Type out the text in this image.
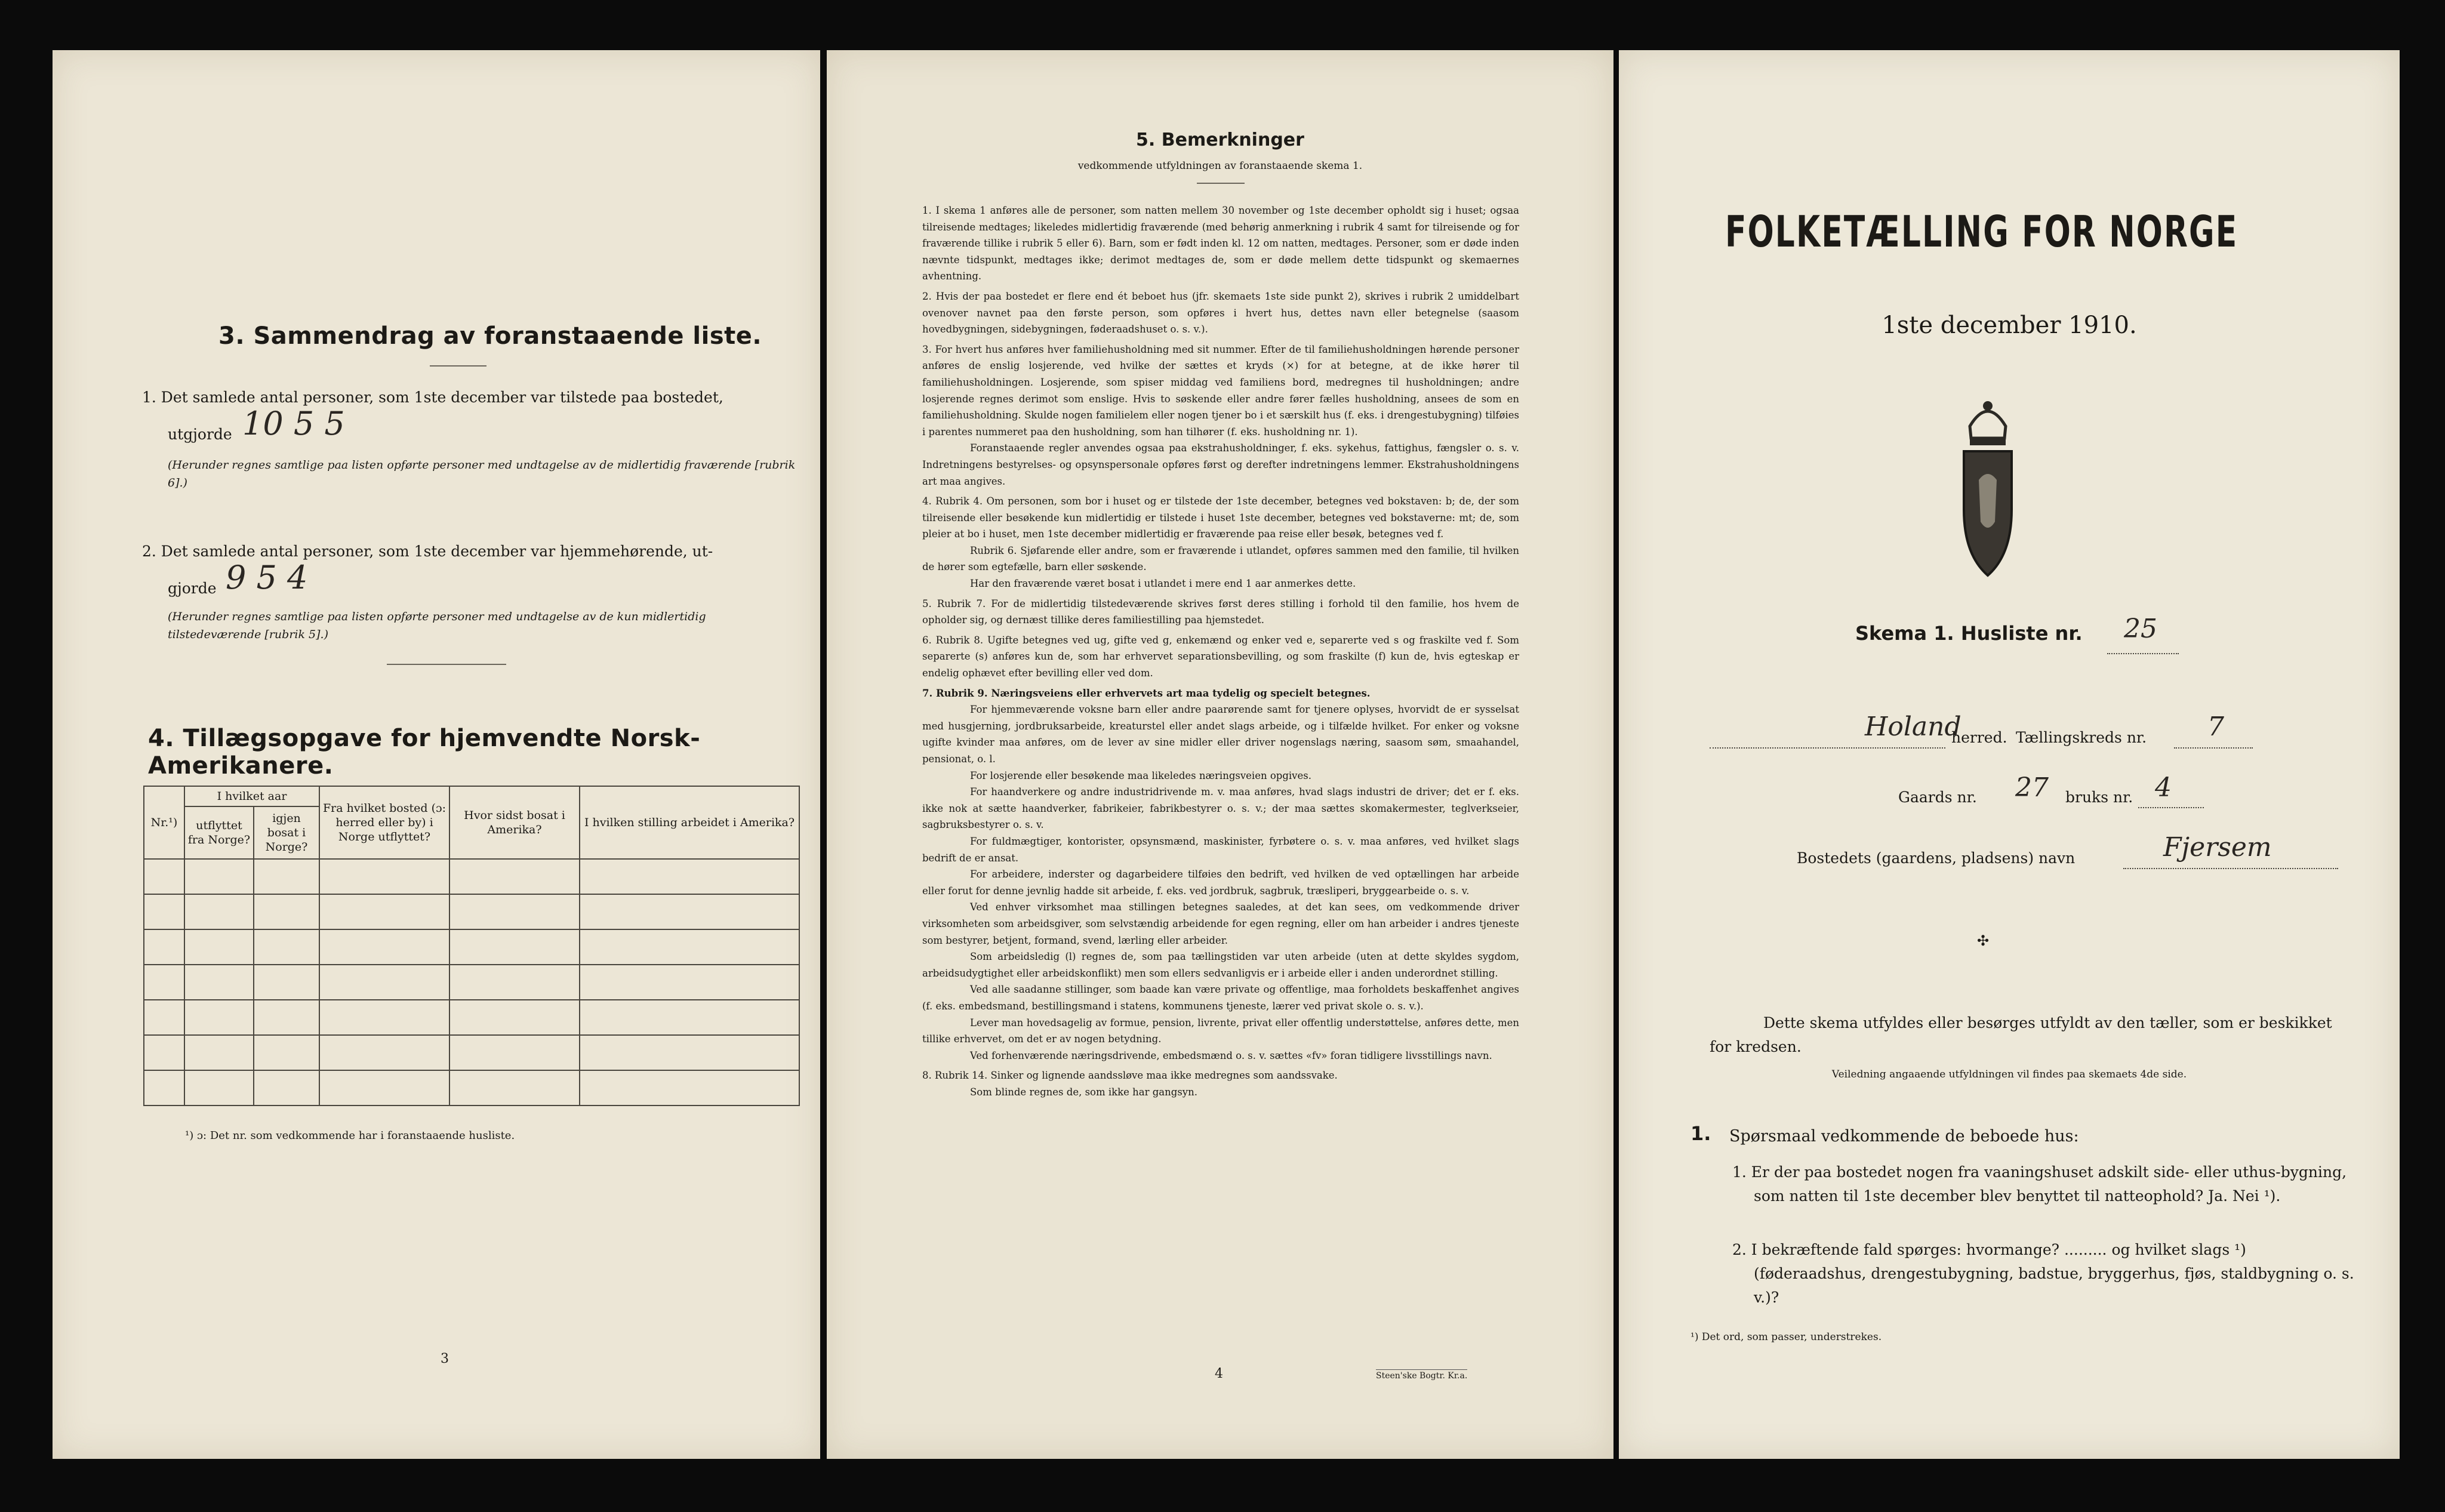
3. Sammendrag av foranstaaende liste.
1. Det samlede antal personer, som 1ste december var tilstede paa bostedet,
utgjorde 10 5 5
(Herunder regnes samtlige paa listen opførte personer med undtagelse av de midlertidig fraværende [rubrik 6].)
2. Det samlede antal personer, som 1ste december var hjemmehørende, ut-
gjorde 9 5 4
(Herunder regnes samtlige paa listen opførte personer med undtagelse av de kun midlertidig tilstedeværende [rubrik 5].)
4. Tillægsopgave for hjemvendte Norsk-Amerikanere.
Nr.¹)	I hvilket aar		Fra hvilket bosted (ɔ: herred eller by) i Norge utflyttet?	Hvor sidst bosat i Amerika?	I hvilken stilling arbeidet i Amerika?
	utflyttet fra Norge?	igjen bosat i Norge?			

¹) ɔ: Det nr. som vedkommende har i foranstaaende husliste.
3
5. Bemerkninger
vedkommende utfyldningen av foranstaaende skema 1.

1. I skema 1 anføres alle de personer, som natten mellem 30 november og 1ste december opholdt sig i huset; ogsaa tilreisende medtages; likeledes midlertidig fraværende (med behørig anmerkning i rubrik 4 samt for tilreisende og for fraværende tillike i rubrik 5 eller 6). Barn, som er født inden kl. 12 om natten, medtages. Personer, som er døde inden nævnte tidspunkt, medtages ikke; derimot medtages de, som er døde mellem dette tidspunkt og skemaernes avhentning.

2. Hvis der paa bostedet er flere end ét beboet hus (jfr. skemaets 1ste side punkt 2), skrives i rubrik 2 umiddelbart ovenover navnet paa den første person, som opføres i hvert hus, dettes navn eller betegnelse (saasom hovedbygningen, sidebygningen, føderaadshuset o. s. v.).

3. For hvert hus anføres hver familiehusholdning med sit nummer. Efter de til familiehusholdningen hørende personer anføres de enslig losjerende, ved hvilke der sættes et kryds (×) for at betegne, at de ikke hører til familiehusholdningen. Losjerende, som spiser middag ved familiens bord, medregnes til husholdningen; andre losjerende regnes derimot som enslige. Hvis to søskende eller andre fører fælles husholdning, ansees de som en familiehusholdning. Skulde nogen familielem eller nogen tjener bo i et særskilt hus (f. eks. i drengestubygning) tilføies i parentes nummeret paa den husholdning, som han tilhører (f. eks. husholdning nr. 1).

Foranstaaende regler anvendes ogsaa paa ekstrahusholdninger, f. eks. sykehus, fattighus, fængsler o. s. v. Indretningens bestyrelses- og opsynspersonale opføres først og derefter indretningens lemmer. Ekstrahusholdningens art maa angives.

4. Rubrik 4. Om personen, som bor i huset og er tilstede der 1ste december, betegnes ved bokstaven: b; de, der som tilreisende eller besøkende kun midlertidig er tilstede i huset 1ste december, betegnes ved bokstaverne: mt; de, som pleier at bo i huset, men 1ste december midlertidig er fraværende paa reise eller besøk, betegnes ved f.

Rubrik 6. Sjøfarende eller andre, som er fraværende i utlandet, opføres sammen med den familie, til hvilken de hører som egtefælle, barn eller søskende.

Har den fraværende været bosat i utlandet i mere end 1 aar anmerkes dette.

5. Rubrik 7. For de midlertidig tilstedeværende skrives først deres stilling i forhold til den familie, hos hvem de opholder sig, og dernæst tillike deres familiestilling paa hjemstedet.

6. Rubrik 8. Ugifte betegnes ved ug, gifte ved g, enkemænd og enker ved e, separerte ved s og fraskilte ved f. Som separerte (s) anføres kun de, som har erhvervet separationsbevilling, og som fraskilte (f) kun de, hvis egteskap er endelig ophævet efter bevilling eller ved dom.

7. Rubrik 9. Næringsveiens eller erhvervets art maa tydelig og specielt betegnes.

For hjemmeværende voksne barn eller andre paarørende samt for tjenere oplyses, hvorvidt de er sysselsat med husgjerning, jordbruksarbeide, kreaturstel eller andet slags arbeide, og i tilfælde hvilket. For enker og voksne ugifte kvinder maa anføres, om de lever av sine midler eller driver nogenslags næring, saasom søm, smaahandel, pensionat, o. l.

For losjerende eller besøkende maa likeledes næringsveien opgives.

For haandverkere og andre industridrivende m. v. maa anføres, hvad slags industri de driver; det er f. eks. ikke nok at sætte haandverker, fabrikeier, fabrikbestyrer o. s. v.; der maa sættes skomakermester, teglverkseier, sagbruksbestyrer o. s. v.

For fuldmægtiger, kontorister, opsynsmænd, maskinister, fyrbøtere o. s. v. maa anføres, ved hvilket slags bedrift de er ansat.

For arbeidere, inderster og dagarbeidere tilføies den bedrift, ved hvilken de ved optællingen har arbeide eller forut for denne jevnlig hadde sit arbeide, f. eks. ved jordbruk, sagbruk, træsliperi, bryggearbeide o. s. v.

Ved enhver virksomhet maa stillingen betegnes saaledes, at det kan sees, om vedkommende driver virksomheten som arbeidsgiver, som selvstændig arbeidende for egen regning, eller om han arbeider i andres tjeneste som bestyrer, betjent, formand, svend, lærling eller arbeider.

Som arbeidsledig (l) regnes de, som paa tællingstiden var uten arbeide (uten at dette skyldes sygdom, arbeidsudygtighet eller arbeidskonflikt) men som ellers sedvanligvis er i arbeide eller i anden underordnet stilling.

Ved alle saadanne stillinger, som baade kan være private og offentlige, maa forholdets beskaffenhet angives (f. eks. embedsmand, bestillingsmand i statens, kommunens tjeneste, lærer ved privat skole o. s. v.).

Lever man hovedsagelig av formue, pension, livrente, privat eller offentlig understøttelse, anføres dette, men tillike erhvervet, om det er av nogen betydning.

Ved forhenværende næringsdrivende, embedsmænd o. s. v. sættes «fv» foran tidligere livsstillings navn.

8. Rubrik 14. Sinker og lignende aandssløve maa ikke medregnes som aandssvake.

Som blinde regnes de, som ikke har gangsyn.

4	Steen'ske Bogtr. Kr.a.
FOLKETÆLLING FOR NORGE
1ste december 1910.
Skema 1. Husliste nr. 25
Holand
herred. Tællingskreds nr. 7
Gaards nr. 27 bruks nr. 4
Bostedets (gaardens, pladsens) navn	Fjersem
✣
Dette skema utfyldes eller besørges utfyldt av den tæller, som er beskikket for kredsen.
Veiledning angaaende utfyldningen vil findes paa skemaets 4de side.
1. Spørsmaal vedkommende de beboede hus:
1. Er der paa bostedet nogen fra vaaningshuset adskilt side- eller uthus-bygning, som natten til 1ste december blev benyttet til natteophold? Ja. Nei ¹).
2. I bekræftende fald spørges: hvormange? ......... og hvilket slags ¹) (føderaadshus, drengestubygning, badstue, bryggerhus, fjøs, staldbygning o. s. v.)?
¹) Det ord, som passer, understrekes.
